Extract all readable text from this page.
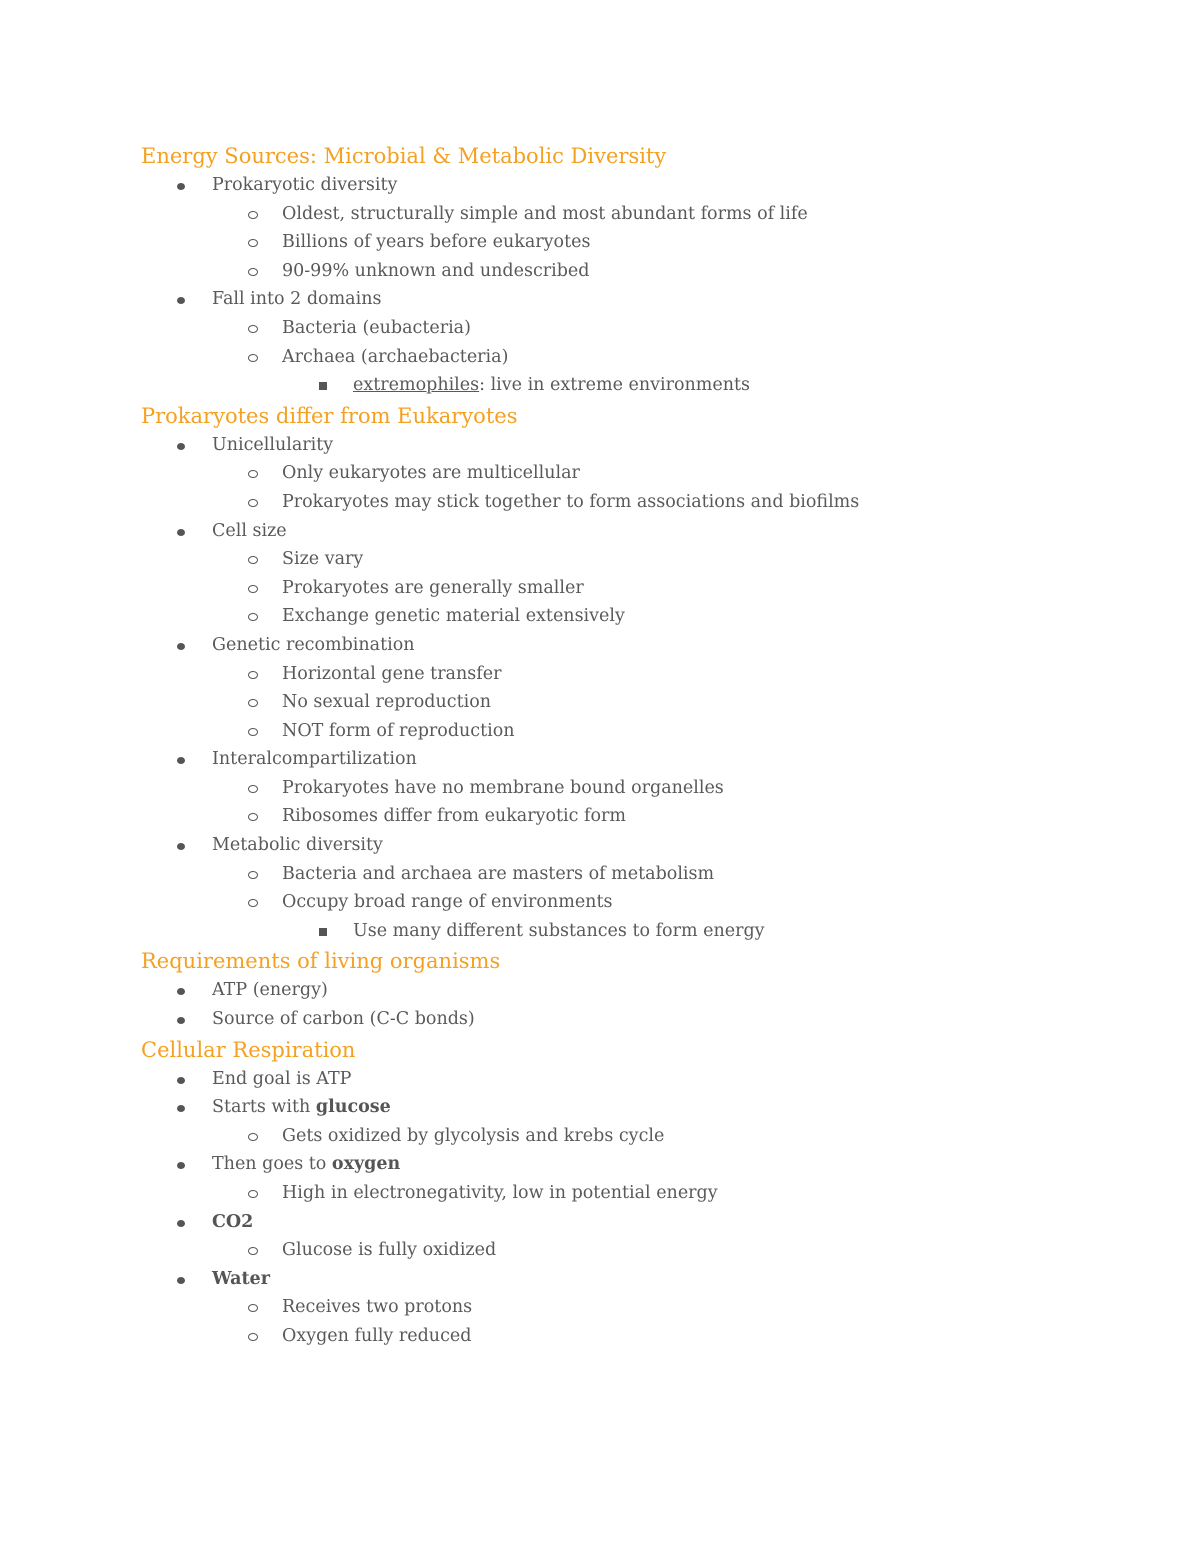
Energy Sources: Microbial & Metabolic Diversity
Prokaryotic diversity
Oldest, structurally simple and most abundant forms of life
Billions of years before eukaryotes
90-99% unknown and undescribed
Fall into 2 domains
Bacteria (eubacteria)
Archaea (archaebacteria)
extremophiles: live in extreme environments
Prokaryotes differ from Eukaryotes
Unicellularity
Only eukaryotes are multicellular
Prokaryotes may stick together to form associations and biofilms
Cell size
Size vary
Prokaryotes are generally smaller
Exchange genetic material extensively
Genetic recombination
Horizontal gene transfer
No sexual reproduction
NOT form of reproduction
Interalcompartilization
Prokaryotes have no membrane bound organelles
Ribosomes differ from eukaryotic form
Metabolic diversity
Bacteria and archaea are masters of metabolism
Occupy broad range of environments
Use many different substances to form energy
Requirements of living organisms
ATP (energy)
Source of carbon (C-C bonds)
Cellular Respiration
End goal is ATP
Starts with glucose
Gets oxidized by glycolysis and krebs cycle
Then goes to oxygen
High in electronegativity, low in potential energy
CO2
Glucose is fully oxidized
Water
Receives two protons
Oxygen fully reduced
